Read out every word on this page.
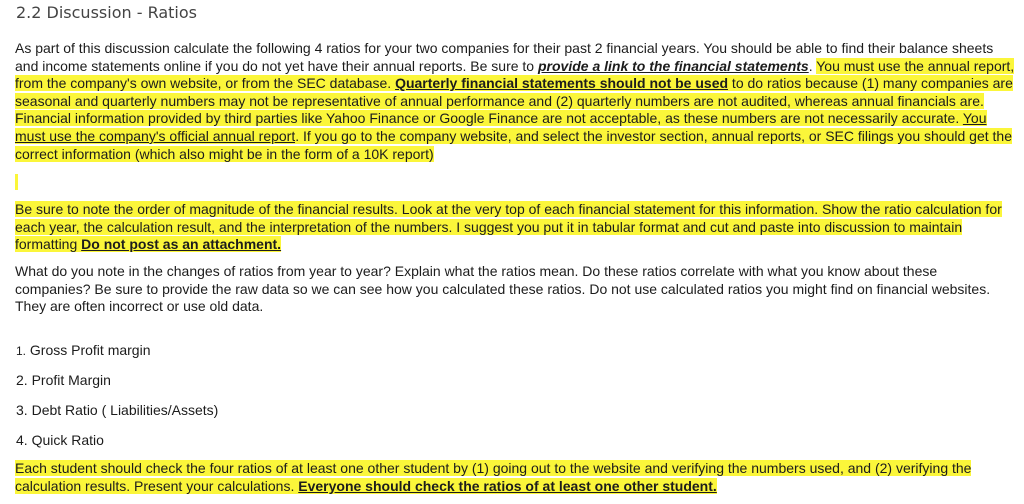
2.2 Discussion - Ratios

As part of this discussion calculate the following 4 ratios for your two companies for their past 2 financial years. You should be able to find their balance sheets and income statements online if you do not yet have their annual reports. Be sure to provide a link to the financial statements. You must use the annual report, from the company's own website, or from the SEC database. Quarterly financial statements should not be used to do ratios because (1) many companies are seasonal and quarterly numbers may not be representative of annual performance and (2) quarterly numbers are not audited, whereas annual financials are. Financial information provided by third parties like Yahoo Finance or Google Finance are not acceptable, as these numbers are not necessarily accurate. You must use the company's official annual report. If you go to the company website, and select the investor section, annual reports, or SEC filings you should get the correct information (which also might be in the form of a 10K report)

Be sure to note the order of magnitude of the financial results. Look at the very top of each financial statement for this information. Show the ratio calculation for each year, the calculation result, and the interpretation of the numbers. I suggest you put it in tabular format and cut and paste into discussion to maintain formatting Do not post as an attachment.

What do you note in the changes of ratios from year to year? Explain what the ratios mean. Do these ratios correlate with what you know about these companies? Be sure to provide the raw data so we can see how you calculated these ratios. Do not use calculated ratios you might find on financial websites. They are often incorrect or use old data.

1. Gross Profit margin
2. Profit Margin
3. Debt Ratio ( Liabilities/Assets)
4. Quick Ratio

Each student should check the four ratios of at least one other student by (1) going out to the website and verifying the numbers used, and (2) verifying the calculation results. Present your calculations. Everyone should check the ratios of at least one other student.
